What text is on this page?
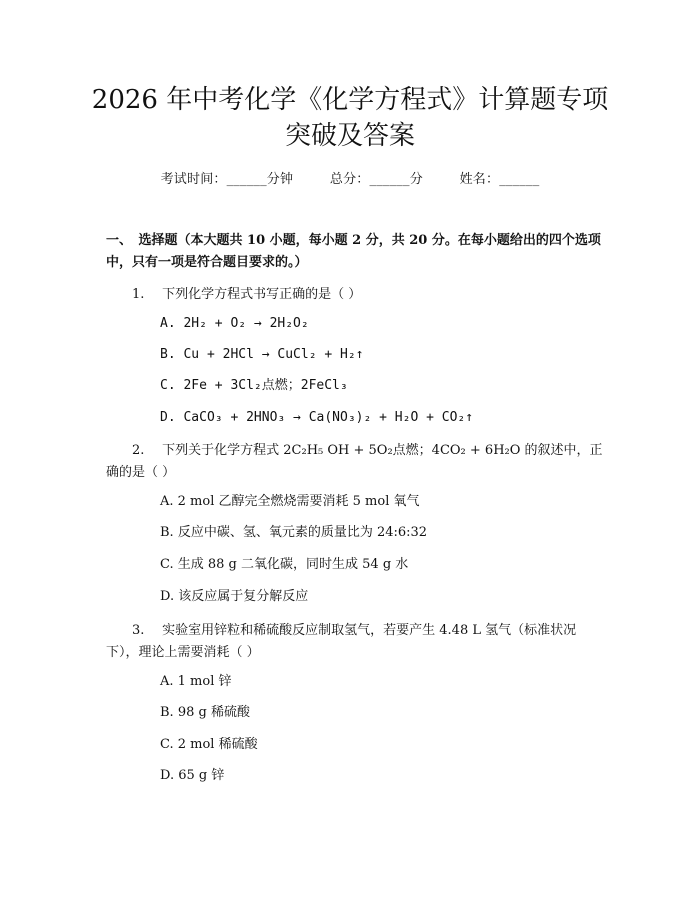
2026 年中考化学《化学方程式》计算题专项
突破及答案
考试时间：______分钟	总分：______分	姓名：______
一、　选择题（本大题共 10 小题，每小题 2 分，共 20 分。在每小题给出的四个选项中，只有一项是符合题目要求的。）
1. 下列化学方程式书写正确的是（ ）
A. 2H₂ + O₂ → 2H₂O₂
B. Cu + 2HCl → CuCl₂ + H₂↑
C. 2Fe + 3Cl₂点燃；2FeCl₃
D. CaCO₃ + 2HNO₃ → Ca(NO₃)₂ + H₂O + CO₂↑
2. 下列关于化学方程式 2C₂H₅ OH + 5O₂点燃；4CO₂ + 6H₂O 的叙述中，正确的是（ ）
A. 2 mol 乙醇完全燃烧需要消耗 5 mol 氧气
B. 反应中碳、氢、氧元素的质量比为 24:6:32
C. 生成 88 g 二氧化碳，同时生成 54 g 水
D. 该反应属于复分解反应
3. 实验室用锌粒和稀硫酸反应制取氢气，若要产生 4.48 L 氢气（标准状况下），理论上需要消耗（ ）
A. 1 mol 锌
B. 98 g 稀硫酸
C. 2 mol 稀硫酸
D. 65 g 锌
